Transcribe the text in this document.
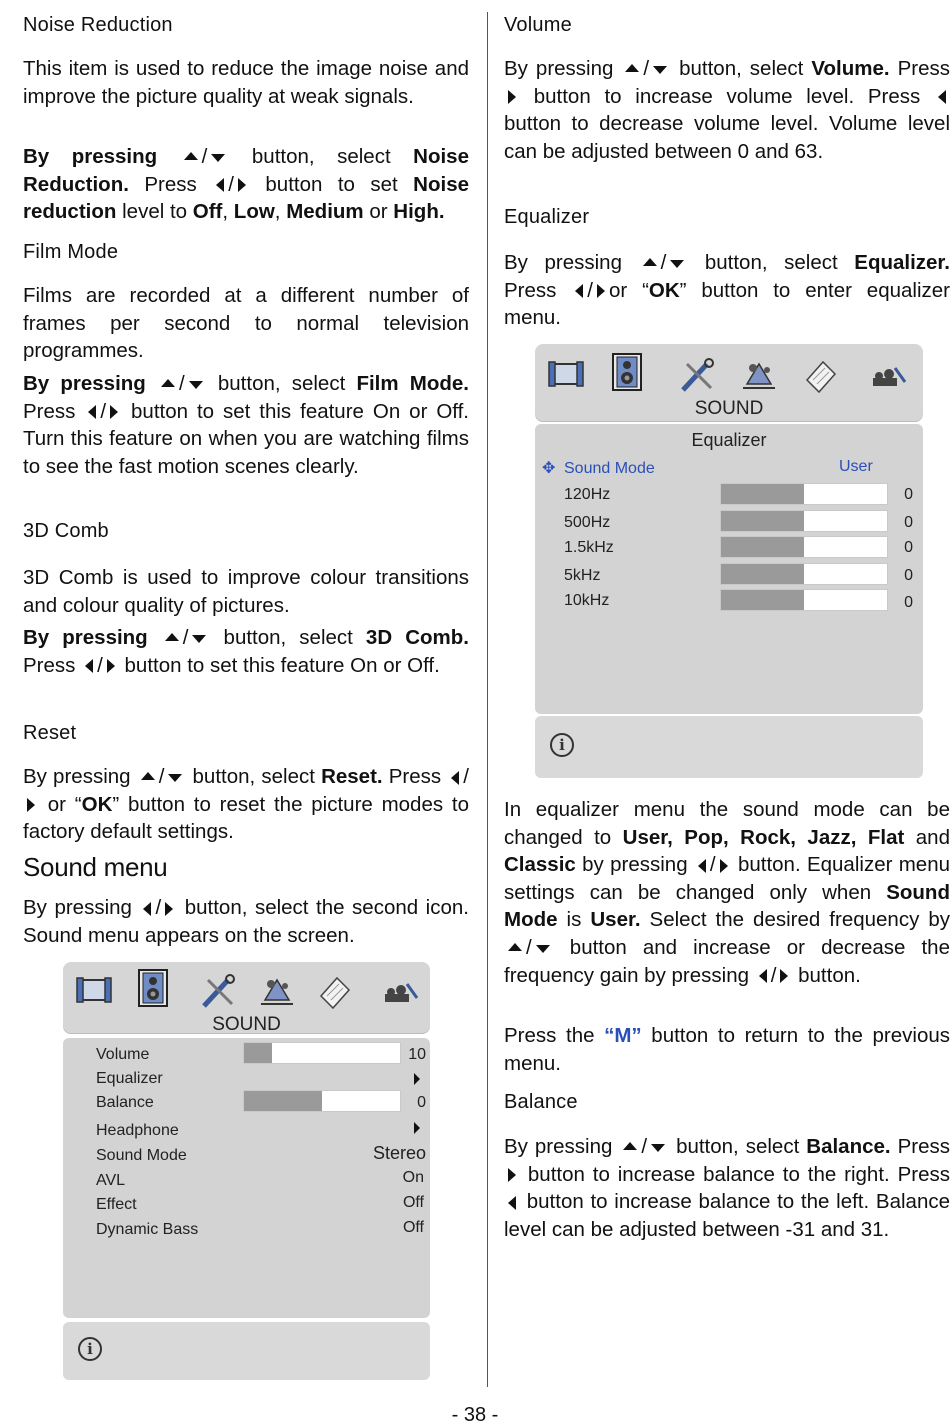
Noise Reduction

This item is used to reduce the image noise and improve the picture quality at weak signals.

By pressing / button, select Noise Reduction. Press / button to set Noise reduction level to Off, Low, Medium or High.

Film Mode

Films are recorded at a different number of frames per second to normal television programmes.

By pressing / button, select Film Mode. Press / button to set this feature On or Off. Turn this feature on when you are watching films to see the fast motion scenes clearly.

3D Comb

3D Comb is used to improve colour transitions and colour quality of pictures.

By pressing / button, select 3D Comb. Press / button to set this feature On or Off.

Reset

By pressing / button, select Reset. Press / or “OK” button to reset the picture modes to factory default settings.

Sound menu

By pressing / button, select the second icon. Sound menu appears on the screen.

SOUND
Volume	10
Equalizer
Balance	0
Headphone
Sound Mode	Stereo
AVL	On
Effect	Off
Dynamic Bass	Off
i
Volume

By pressing / button, select Volume. Press  button to increase volume level. Press  button to decrease volume level. Volume level can be adjusted between 0 and 63.

Equalizer

By pressing / button, select Equalizer. Press / or “OK” button to enter equalizer menu.

In equalizer menu the sound mode can be changed to User, Pop, Rock, Jazz, Flat and Classic by pressing / button. Equalizer menu settings can be changed only when Sound Mode is User. Select the desired frequency by / button and increase or decrease the frequency gain by pressing / button.

Press the “M” button to return to the previous menu.

Balance

By pressing / button, select Balance. Press  button to increase balance to the right. Press  button to increase balance to the left. Balance level can be adjusted between -31 and 31.

SOUND
Equalizer
✥ Sound Mode	User
120Hz	0
500Hz	0
1.5kHz	0
5kHz	0
10kHz	0
i
- 38 -
